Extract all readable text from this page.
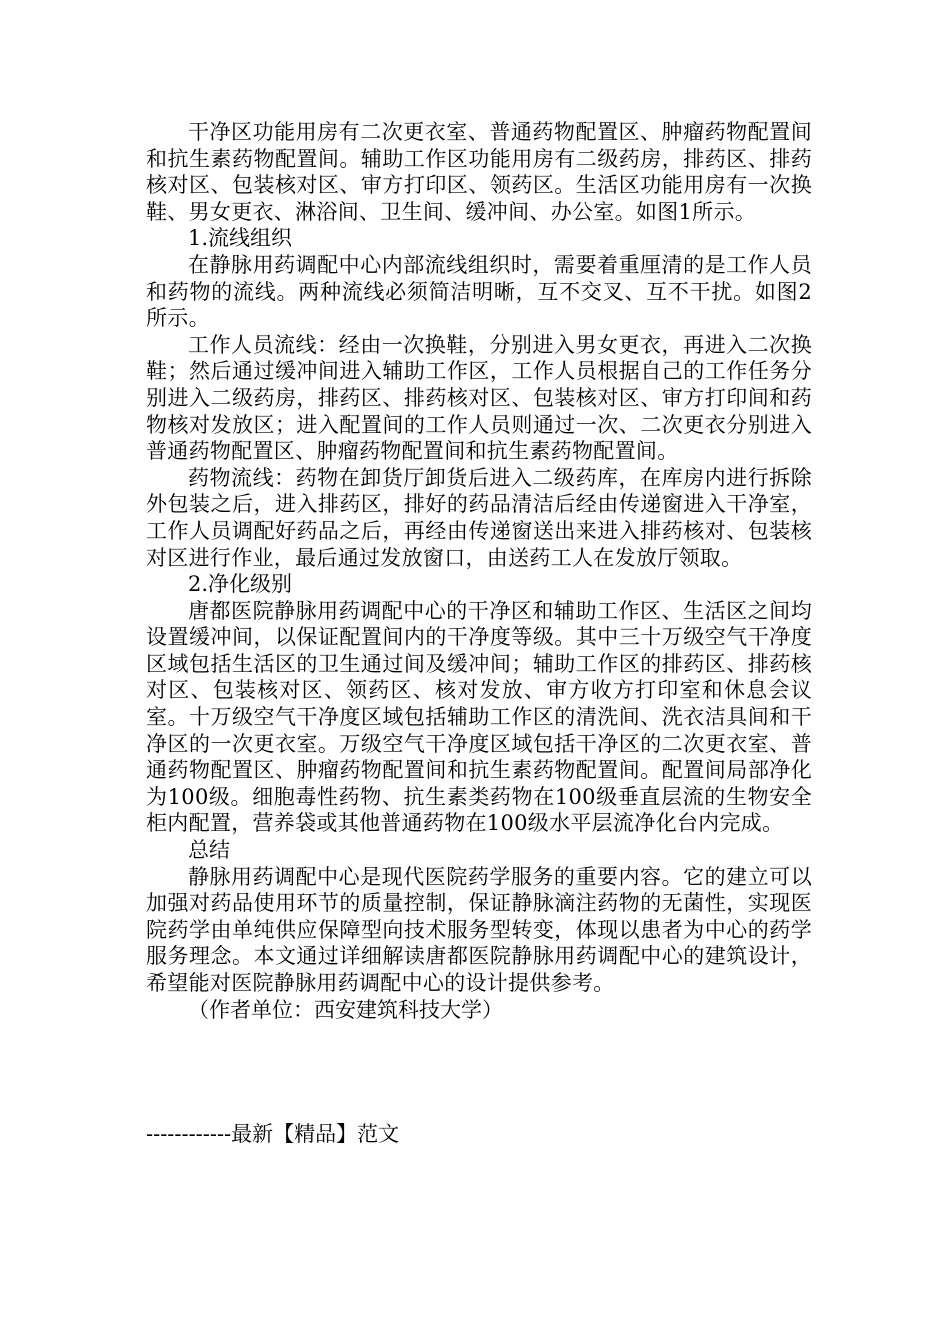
干净区功能用房有二次更衣室、普通药物配置区、肿瘤药物配置间和抗生素药物配置间。辅助工作区功能用房有二级药房，排药区、排药核对区、包装核对区、审方打印区、领药区。生活区功能用房有一次换鞋、男女更衣、淋浴间、卫生间、缓冲间、办公室。如图1所示。

1.流线组织

在静脉用药调配中心内部流线组织时，需要着重厘清的是工作人员和药物的流线。两种流线必须简洁明晰，互不交叉、互不干扰。如图2所示。

工作人员流线：经由一次换鞋，分别进入男女更衣，再进入二次换鞋；然后通过缓冲间进入辅助工作区，工作人员根据自己的工作任务分别进入二级药房，排药区、排药核对区、包装核对区、审方打印间和药物核对发放区；进入配置间的工作人员则通过一次、二次更衣分别进入普通药物配置区、肿瘤药物配置间和抗生素药物配置间。

药物流线：药物在卸货厅卸货后进入二级药库，在库房内进行拆除外包装之后，进入排药区，排好的药品清洁后经由传递窗进入干净室，工作人员调配好药品之后，再经由传递窗送出来进入排药核对、包装核对区进行作业，最后通过发放窗口，由送药工人在发放厅领取。

2.净化级别

唐都医院静脉用药调配中心的干净区和辅助工作区、生活区之间均设置缓冲间，以保证配置间内的干净度等级。其中三十万级空气干净度区域包括生活区的卫生通过间及缓冲间；辅助工作区的排药区、排药核对区、包装核对区、领药区、核对发放、审方收方打印室和休息会议室。十万级空气干净度区域包括辅助工作区的清洗间、洗衣洁具间和干净区的一次更衣室。万级空气干净度区域包括干净区的二次更衣室、普通药物配置区、肿瘤药物配置间和抗生素药物配置间。配置间局部净化为100级。细胞毒性药物、抗生素类药物在100级垂直层流的生物安全柜内配置，营养袋或其他普通药物在100级水平层流净化台内完成。

总结

静脉用药调配中心是现代医院药学服务的重要内容。它的建立可以加强对药品使用环节的质量控制，保证静脉滴注药物的无菌性，实现医院药学由单纯供应保障型向技术服务型转变，体现以患者为中心的药学服务理念。本文通过详细解读唐都医院静脉用药调配中心的建筑设计，希望能对医院静脉用药调配中心的设计提供参考。

（作者单位：西安建筑科技大学）

------------最新【精品】范文
